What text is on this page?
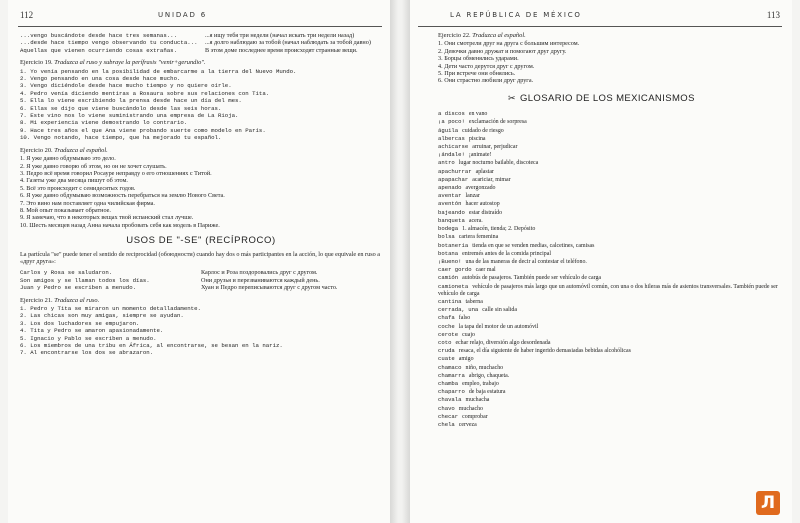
112	UNIDAD 6
...vengo buscándote desde hace tres semanas...	...я ищу тебя три недели (начал искать три недели назад)
...desde hace tiempo vengo observando tu conducta...	...я долго наблюдаю за тобой (начал наблюдать за тобой давно)
Aquellas que vienen ocurriendo cosas extrañas.	В этом доме последнее время происходят странные вещи.
Ejercicio 19. Traduzca al ruso y subraye la perífrasis "venir+gerundio".
1. Yo venía pensando en la posibilidad de embarcarme a la tierra del Nuevo Mundo.
2. Vengo pensando en una cosa desde hace mucho.
3. Vengo diciéndole desde hace mucho tiempo y no quiere oírle.
4. Pedro venía diciendo mentiras a Rosaura sobre sus relaciones con Tita.
5. Ella lo viene escribiendo la prensa desde hace un día del mes.
6. Ellas se dijo que viene buscándolo desde las seis horas.
7. Este vino nos lo viene suministrando una empresa de La Rioja.
8. Mi experiencia viene demostrando lo contrario.
9. Hace tres años el que Ana viene probando suerte como modelo en París.
10. Vengo notando, hace tiempo, que ha mejorado tu español.
Ejercicio 20. Traduzca al español.
1. Я уже давно обдумываю это дело.
2. Я уже давно говорю об этом, но он не хочет слушать.
3. Педро всё время говорил Росауре неправду о его отношениях с Титой.
4. Газеты уже два месяца пишут об этом.
5. Всё это происходит с семидесятых годов.
6. Я уже давно обдумываю возможность перебраться на землю Нового Света.
7. Это вино нам поставляет одна чилийская фирма.
8. Мой опыт показывает обратное.
9. Я замечаю, что в некоторых вещах твой испанский стал лучше.
10. Шесть месяцев назад Анна начала пробовать себя как модель в Париже.
USOS DE "-SE" (RECÍPROCO)
La partícula "se" puede tener el sentido de reciprocidad (обоюдности) cuando hay dos o más participantes en la acción, lo que equivale en ruso a «друг друга»:
Carlos y Rosa se saludaron.	Карлос и Роза поздоровались друг с другом.
Son amigos y se llaman todos los días.	Они друзья и перезваниваются каждый день.
Juan y Pedro se escriben a menudo.	Хуан и Педро переписываются друг с другом часто.
Ejercicio 21. Traduzca al ruso.
1. Pedro y Tita se miraron un momento detalladamente.
2. Las chicas son muy amigas, siempre se ayudan.
3. Los dos luchadores se empujaron.
4. Tita y Pedro se amaron apasionadamente.
5. Ignacio y Pablo se escriben a menudo.
6. Los miembros de una tribu en África, al encontrarse, se besan en la nariz.
7. Al encontrarse los dos se abrazaron.
LA REPÚBLICA DE MÉXICO	113
Ejercicio 22. Traduzca al español.
1. Они смотрели друг на друга с большим интересом.
2. Девочки давно дружат и помогают друг другу.
3. Борцы обменялись ударами.
4. Дети часто дерутся друг с другом.
5. При встрече они обнялись.
6. Они страстно любили друг друга.
✂ GLOSARIO DE LOS MEXICANISMOS
a discos en vano
¡a poco! exclamación de sorpresa
águila cuidado de riesgo
albercas piscina
achicarse arruinar, perjudicar
¡ándale! ¡animate!
antro lugar nocturno bailable, discoteca
apachurrar aplastar
apapachar acariciar, mimar
apenado avergonzado
aventar lanzar
aventón hacer autostop
bajeando estar distraído
banqueta acera.
bodega 1. almacén, tienda; 2. Depósito
bolsa cartera femenina
botanería tienda en que se venden medias, calcetines, camisas
botana entremés antes de la comida principal
¡Bueno! una de las maneras de decir al contestar el teléfono.
caer gordo caer mal
camión autobús de pasajeros. También puede ser vehículo de carga
camioneta vehículo de pasajeros más largo que un automóvil común, con una o dos hileras más de asientos transversales. También puede ser vehículo de carga
cantina taberna
cerrada, una calle sin salida
chafa falso
coche la tapa del motor de un automóvil
cerote cuajo
coto echar relajo, diversión algo desordenada
cruda resaca, el día siguiente de haber ingerido demasiadas bebidas alcohólicas
cuate amigo
chamaco niño, muchacho
chamarra abrigo, chaqueta.
chamba empleo, trabajo
chaparro de baja estatura
chavala muchacha
chavo muchacho
checar comprobar
chela cerveza
Л
